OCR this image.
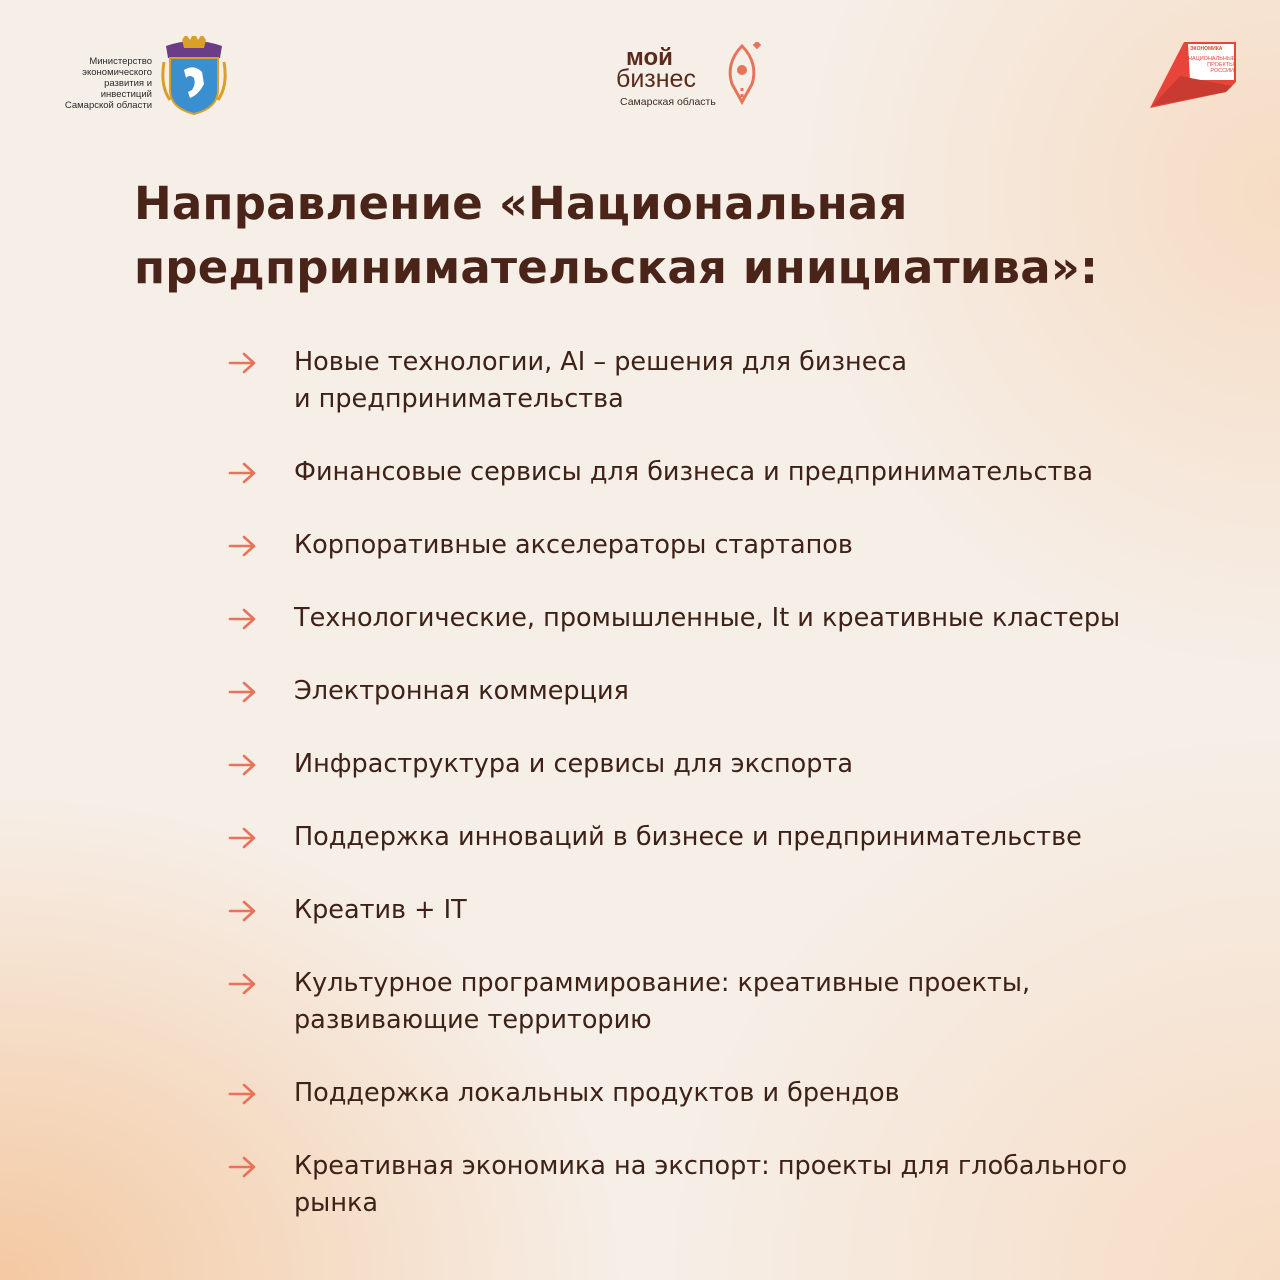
Министерство
экономического
развития и инвестиций
Самарской области
мой
бизнес
Самарская область
ЭКОНОМИКА
НАЦИОНАЛЬНЫЕ ПРОЕКТЫ РОССИИ
Направление «Национальная предпринимательская инициатива»:
Новые технологии, AI – решения для бизнеса
и предпринимательства
Финансовые сервисы для бизнеса и предпринимательства
Корпоративные акселераторы стартапов
Технологические, промышленные, It и креативные кластеры
Электронная коммерция
Инфраструктура и сервисы для экспорта
Поддержка инноваций в бизнесе и предпринимательстве
Креатив + IT
Культурное программирование: креативные проекты,
развивающие территорию
Поддержка локальных продуктов и брендов
Креативная экономика на экспорт: проекты для глобального
рынка
